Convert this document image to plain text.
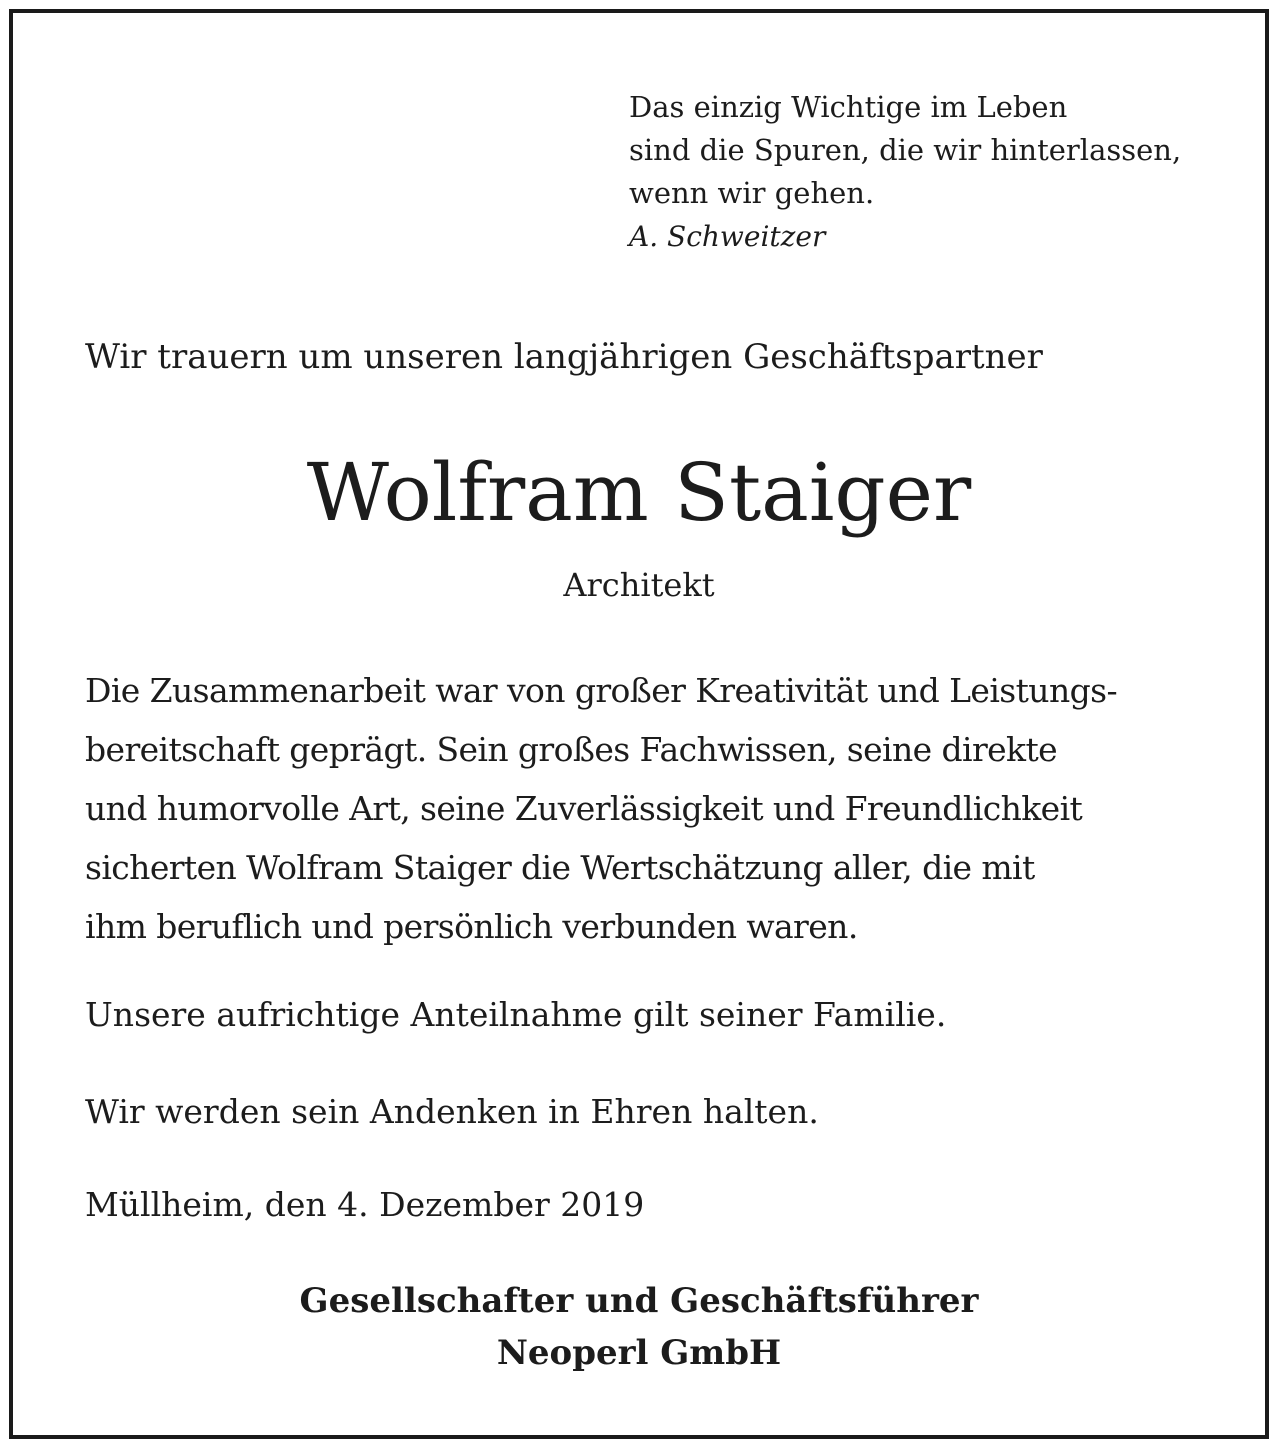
Das einzig Wichtige im Leben
sind die Spuren, die wir hinterlassen,
wenn wir gehen.
A. Schweitzer
Wir trauern um unseren langjährigen Geschäftspartner
Wolfram Staiger
Architekt
Die Zusammenarbeit war von großer Kreativität und Leistungs-
bereitschaft geprägt. Sein großes Fachwissen, seine direkte
und humorvolle Art, seine Zuverlässigkeit und Freundlichkeit
sicherten Wolfram Staiger die Wertschätzung aller, die mit
ihm beruflich und persönlich verbunden waren.
Unsere aufrichtige Anteilnahme gilt seiner Familie.
Wir werden sein Andenken in Ehren halten.
Müllheim, den 4. Dezember 2019
Gesellschafter und Geschäftsführer
Neoperl GmbH
